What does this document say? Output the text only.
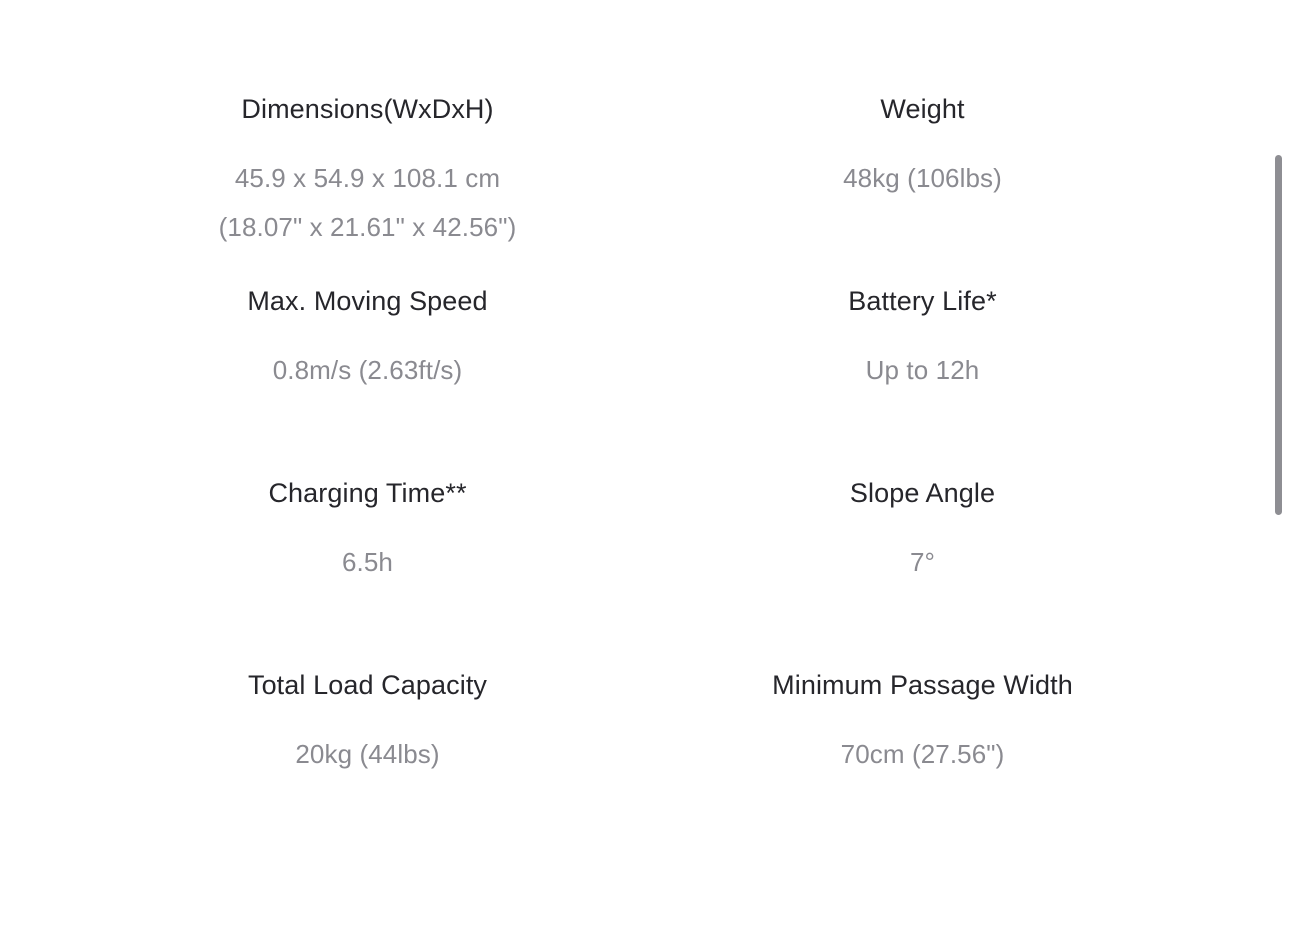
Dimensions(WxDxH)
45.9 x 54.9 x 108.1 cm
(18.07" x 21.61" x 42.56")
Weight
48kg (106lbs)
Max. Moving Speed
0.8m/s (2.63ft/s)
Battery Life*
Up to 12h
Charging Time**
6.5h
Slope Angle
7°
Total Load Capacity
20kg (44lbs)
Minimum Passage Width
70cm (27.56")
